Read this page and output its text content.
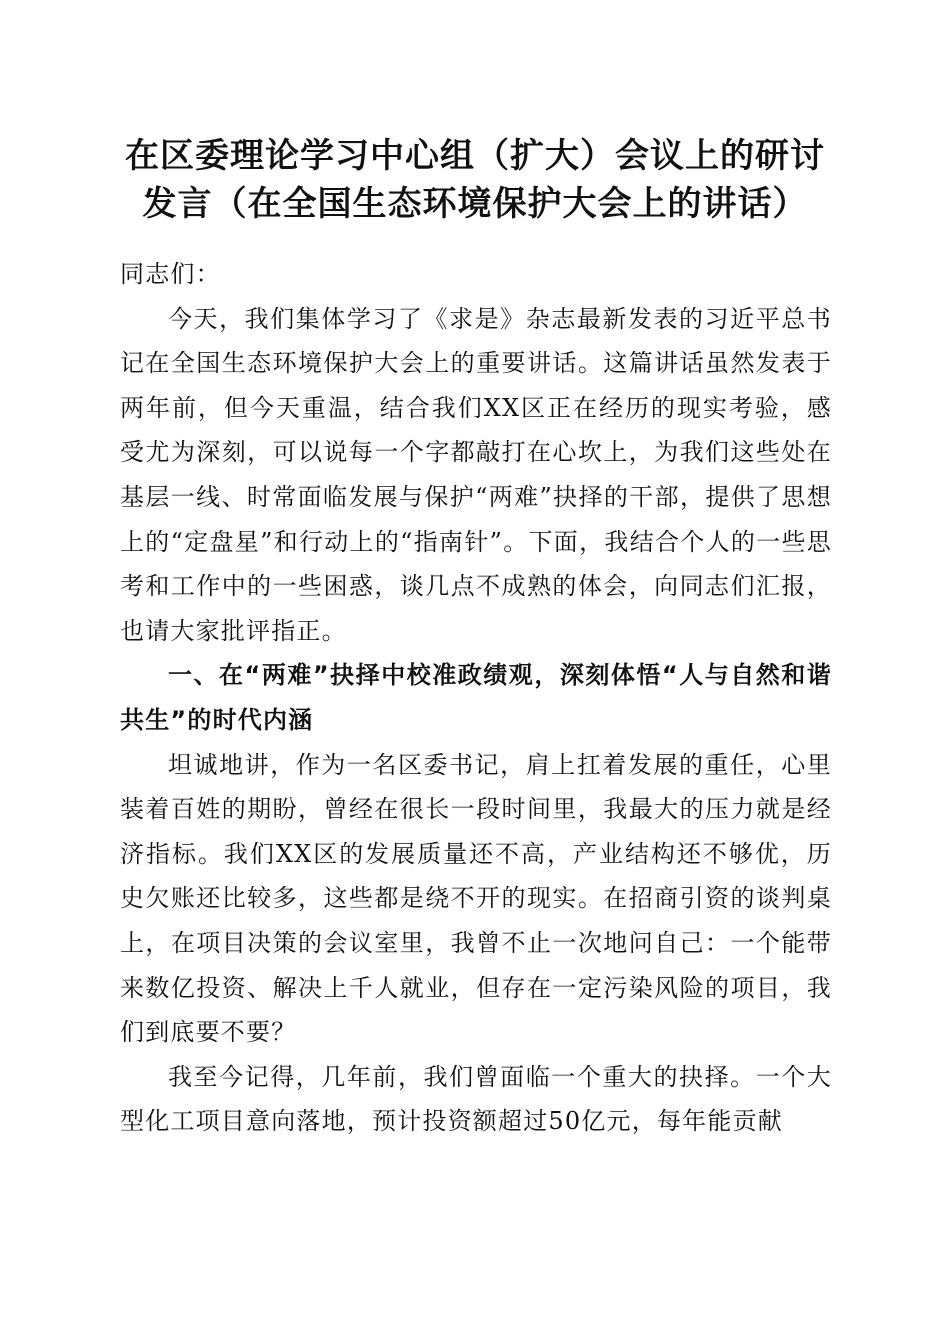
在区委理论学习中心组（扩大）会议上的研讨发言（在全国生态环境保护大会上的讲话）

同志们：

今天，我们集体学习了《求是》杂志最新发表的习近平总书记在全国生态环境保护大会上的重要讲话。这篇讲话虽然发表于两年前，但今天重温，结合我们XX区正在经历的现实考验，感受尤为深刻，可以说每一个字都敲打在心坎上，为我们这些处在基层一线、时常面临发展与保护“两难”抉择的干部，提供了思想上的“定盘星”和行动上的“指南针”。下面，我结合个人的一些思考和工作中的一些困惑，谈几点不成熟的体会，向同志们汇报，也请大家批评指正。

一、在“两难”抉择中校准政绩观，深刻体悟“人与自然和谐共生”的时代内涵

坦诚地讲，作为一名区委书记，肩上扛着发展的重任，心里装着百姓的期盼，曾经在很长一段时间里，我最大的压力就是经济指标。我们XX区的发展质量还不高，产业结构还不够优，历史欠账还比较多，这些都是绕不开的现实。在招商引资的谈判桌上，在项目决策的会议室里，我曾不止一次地问自己：一个能带来数亿投资、解决上千人就业，但存在一定污染风险的项目，我们到底要不要？

我至今记得，几年前，我们曾面临一个重大的抉择。一个大型化工项目意向落地，预计投资额超过50亿元，每年能贡献
